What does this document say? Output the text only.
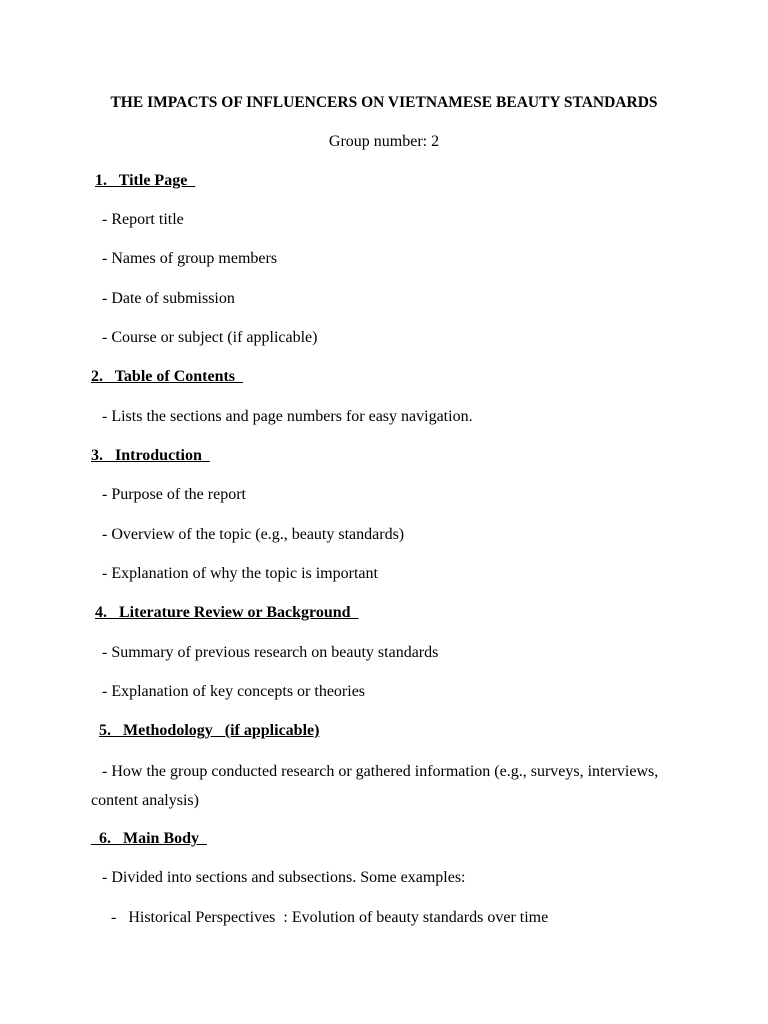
THE IMPACTS OF INFLUENCERS ON VIETNAMESE BEAUTY STANDARDS
Group number: 2
1.   Title Page
- Report title
- Names of group members
- Date of submission
- Course or subject (if applicable)
2.   Table of Contents
- Lists the sections and page numbers for easy navigation.
3.   Introduction
- Purpose of the report
- Overview of the topic (e.g., beauty standards)
- Explanation of why the topic is important
4.   Literature Review or Background
- Summary of previous research on beauty standards
- Explanation of key concepts or theories
5.   Methodology   (if applicable)
- How the group conducted research or gathered information (e.g., surveys, interviews, content analysis)
6.   Main Body
- Divided into sections and subsections. Some examples:
-   Historical Perspectives  : Evolution of beauty standards over time
